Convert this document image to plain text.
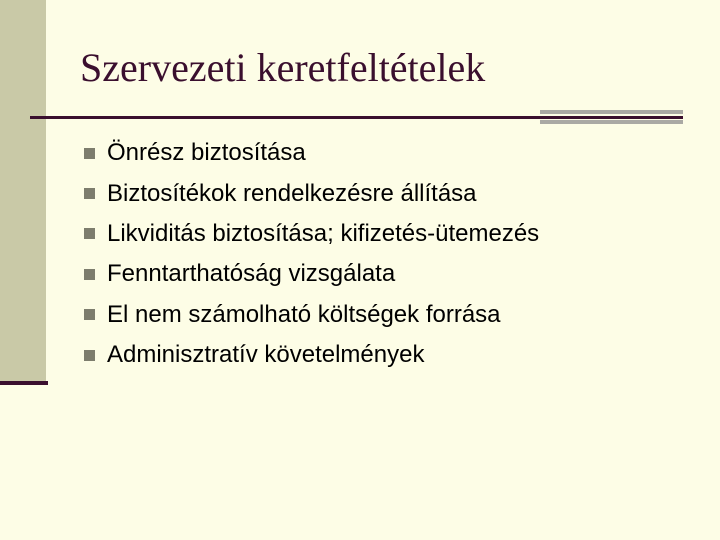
Szervezeti keretfeltételek
Önrész biztosítása
Biztosítékok rendelkezésre állítása
Likviditás biztosítása; kifizetés-ütemezés
Fenntarthatóság vizsgálata
El nem számolható költségek forrása
Adminisztratív követelmények
